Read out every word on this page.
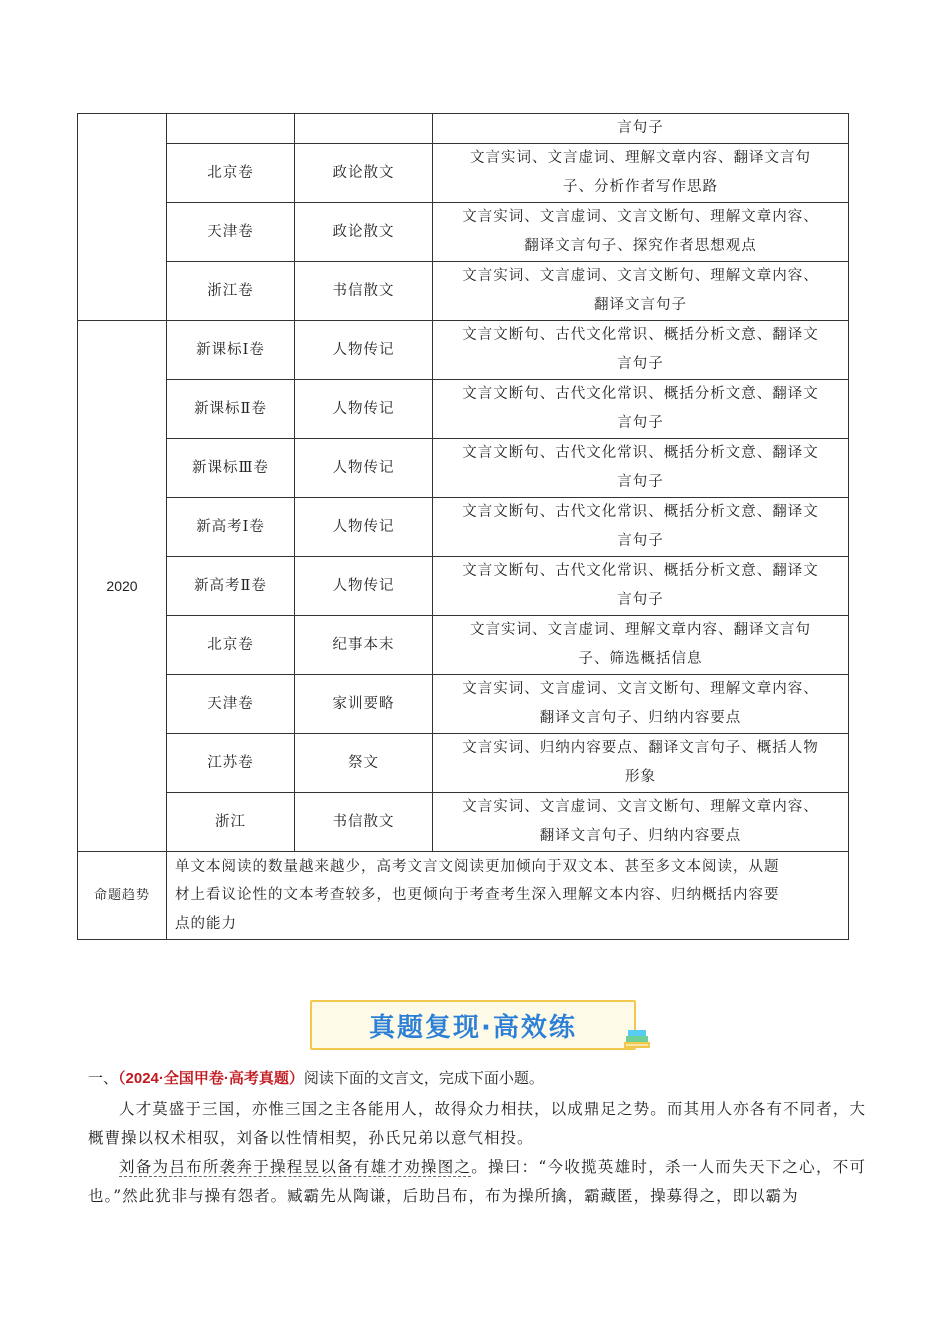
			言句子

	北京卷	政论散文	文言实词、文言虚词、理解文章内容、翻译文言句
子、分析作者写作思路

	天津卷	政论散文	文言实词、文言虚词、文言文断句、理解文章内容、
翻译文言句子、探究作者思想观点

	浙江卷	书信散文	文言实词、文言虚词、文言文断句、理解文章内容、
翻译文言句子

2020	新课标Ⅰ卷	人物传记	文言文断句、古代文化常识、概括分析文意、翻译文
言句子

	新课标Ⅱ卷	人物传记	文言文断句、古代文化常识、概括分析文意、翻译文
言句子

	新课标Ⅲ卷	人物传记	文言文断句、古代文化常识、概括分析文意、翻译文
言句子

	新高考Ⅰ卷	人物传记	文言文断句、古代文化常识、概括分析文意、翻译文
言句子

	新高考Ⅱ卷	人物传记	文言文断句、古代文化常识、概括分析文意、翻译文
言句子

	北京卷	纪事本末	文言实词、文言虚词、理解文章内容、翻译文言句
子、筛选概括信息

	天津卷	家训要略	文言实词、文言虚词、文言文断句、理解文章内容、
翻译文言句子、归纳内容要点

	江苏卷	祭文	文言实词、归纳内容要点、翻译文言句子、概括人物
形象

	浙江	书信散文	文言实词、文言虚词、文言文断句、理解文章内容、
翻译文言句子、归纳内容要点

命题趋势	单文本阅读的数量越来越少，高考文言文阅读更加倾向于双文本、甚至多文本阅读，从题
材上看议论性的文本考查较多，也更倾向于考查考生深入理解文本内容、归纳概括内容要
点的能力		
真题复现·高效练
一、（2024·全国甲卷·高考真题）阅读下面的文言文，完成下面小题。
人才莫盛于三国，亦惟三国之主各能用人，故得众力相扶，以成鼎足之势。而其用人亦各有不同者，大概曹操以权术相驭，刘备以性情相契，孙氏兄弟以意气相投。
刘备为吕布所袭奔于操程昱以备有雄才劝操图之。操曰：“今收揽英雄时，杀一人而失天下之心，不可也。”然此犹非与操有怨者。臧霸先从陶谦，后助吕布，布为操所擒，霸藏匿，操募得之，即以霸为
